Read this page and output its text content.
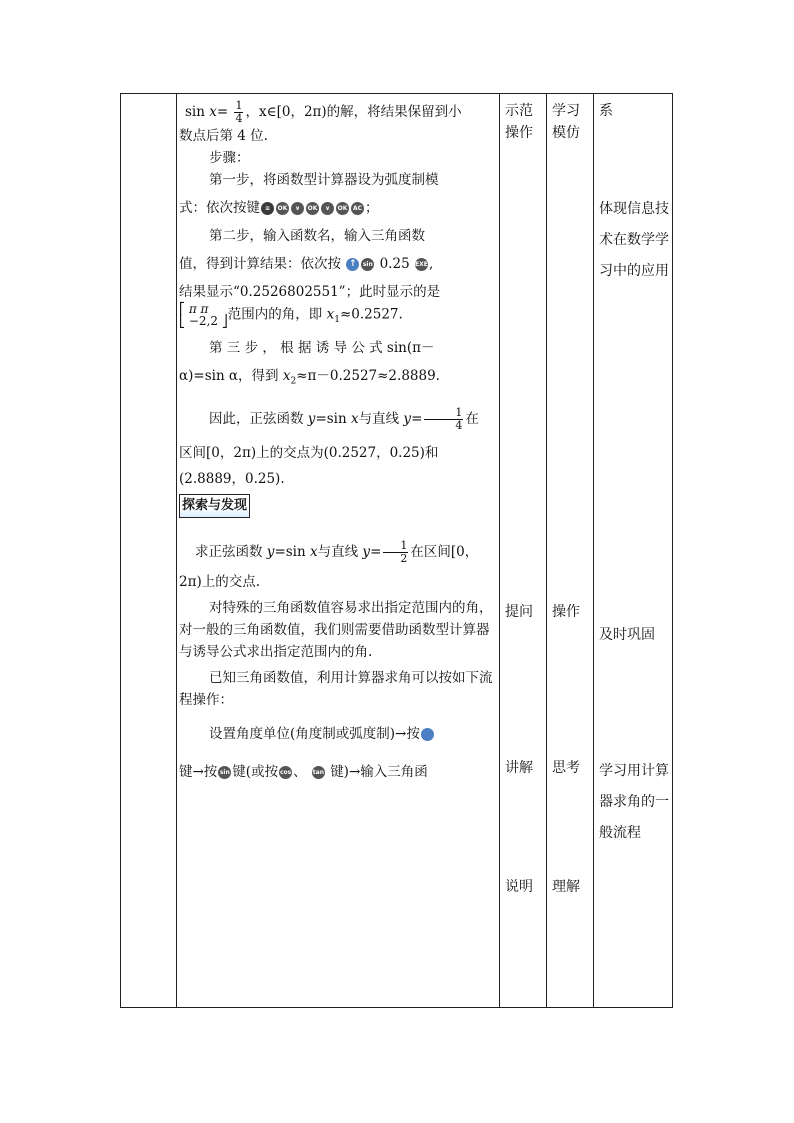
$\sin x= \frac{1}{4}$ ，x∈[0，2π)的解，将结果保留到小

数点后第 4 位.

步骤：

第一步，将函数型计算器设为弧度制模

式：依次按键 ≡ OK ∨ OK ∨ OK AC ；

第二步，输入函数名，输入三角函数

值，得到计算结果：依次按 ↑ sin 0.25 EXE,

结果显示“0.2526802551”；此时显示的是

⎡ π π
⎣ −2,2 ⎦范围内的角，即 $x_1\approx 0.2527$.

第 三 步 ， 根 据 诱 导 公 式 sin(π－

α)=sin α，得到 $x_2\approx\pi-0.2527\approx 2.8889$.

因此，正弦函数 y=sin x与直线 $y= \frac{1}{4}$ 在

区间[0，2π)上的交点为(0.2527，0.25)和

(2.8889，0.25).

探索与发现

求正弦函数 y=sin x与直线 $y= \frac{1}{2}$ 在区间[0，

2π)上的交点.

对特殊的三角函数值容易求出指定范围内的角，对一般的三角函数值，我们则需要借助函数型计算器与诱导公式求出指定范围内的角.

已知三角函数值，利用计算器求角可以按如下流程操作：

设置角度单位(角度制或弧度制)→按	↑

键→按 sin 键(或按 cos 、 tan 键)→输入三角函

示范
操作
提问
讲解
说明
学习
模仿
操作
思考
理解
系
体现信息技术在数学学习中的应用
及时巩固
学习用计算器求角的一般流程
